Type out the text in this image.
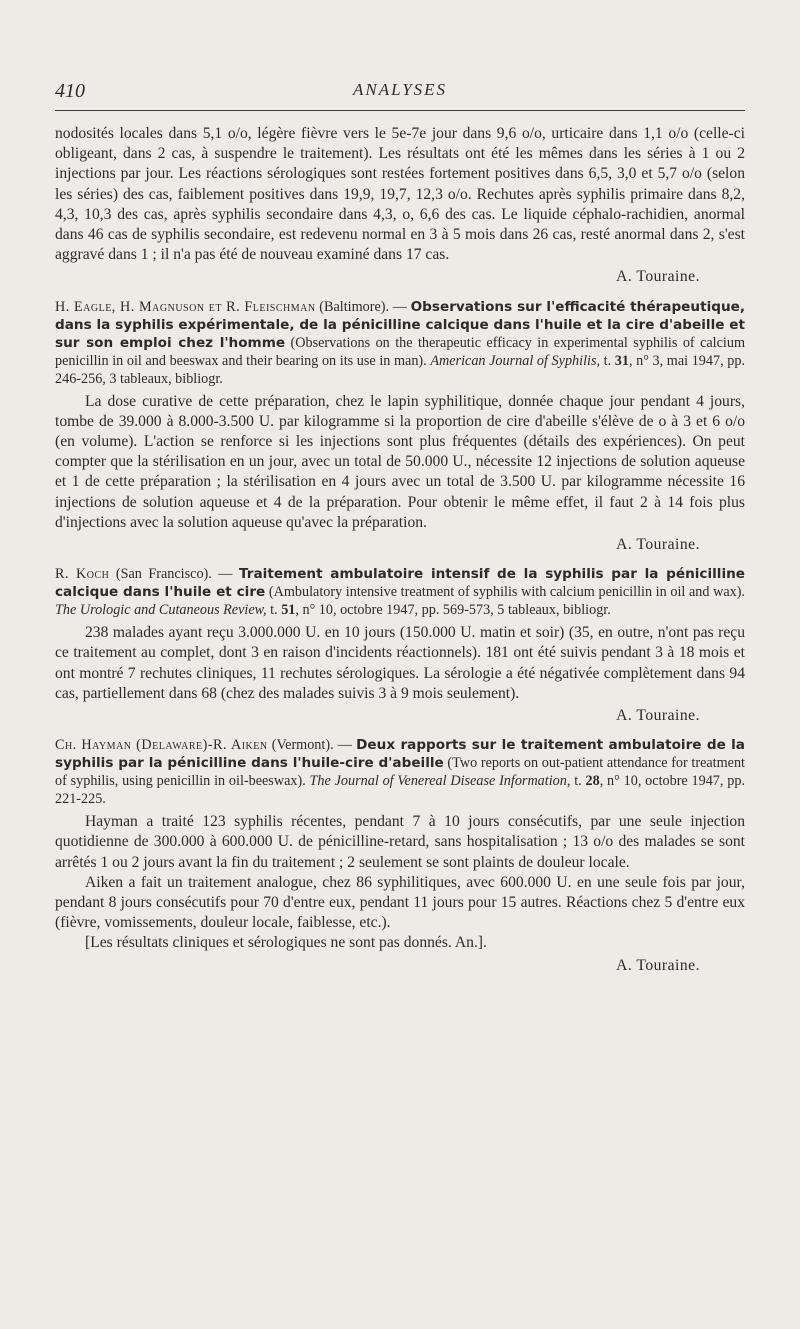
410	ANALYSES

nodosités locales dans 5,1 o/o, légère fièvre vers le 5e-7e jour dans 9,6 o/o, urticaire dans 1,1 o/o (celle-ci obligeant, dans 2 cas, à suspendre le traitement). Les résultats ont été les mêmes dans les séries à 1 ou 2 injections par jour. Les réactions sérologiques sont restées fortement positives dans 6,5, 3,0 et 5,7 o/o (selon les séries) des cas, faiblement positives dans 19,9, 19,7, 12,3 o/o. Rechutes après syphilis primaire dans 8,2, 4,3, 10,3 des cas, après syphilis secondaire dans 4,3, o, 6,6 des cas. Le liquide céphalo-rachidien, anormal dans 46 cas de syphilis secondaire, est redevenu normal en 3 à 5 mois dans 26 cas, resté anormal dans 2, s'est aggravé dans 1 ; il n'a pas été de nouveau examiné dans 17 cas.

A. Touraine.

H. Eagle, H. Magnuson et R. Fleischman (Baltimore). — Observations sur l'efficacité thérapeutique, dans la syphilis expérimentale, de la pénicilline calcique dans l'huile et la cire d'abeille et sur son emploi chez l'homme (Observations on the therapeutic efficacy in experimental syphilis of calcium penicillin in oil and beeswax and their bearing on its use in man). American Journal of Syphilis, t. 31, n° 3, mai 1947, pp. 246-256, 3 tableaux, bibliogr.

La dose curative de cette préparation, chez le lapin syphilitique, donnée chaque jour pendant 4 jours, tombe de 39.000 à 8.000-3.500 U. par kilogramme si la proportion de cire d'abeille s'élève de o à 3 et 6 o/o (en volume). L'action se renforce si les injections sont plus fréquentes (détails des expériences). On peut compter que la stérilisation en un jour, avec un total de 50.000 U., nécessite 12 injections de solution aqueuse et 1 de cette préparation ; la stérilisation en 4 jours avec un total de 3.500 U. par kilogramme nécessite 16 injections de solution aqueuse et 4 de la préparation. Pour obtenir le même effet, il faut 2 à 14 fois plus d'injections avec la solution aqueuse qu'avec la préparation.

A. Touraine.

R. Koch (San Francisco). — Traitement ambulatoire intensif de la syphilis par la pénicilline calcique dans l'huile et cire (Ambulatory intensive treatment of syphilis with calcium penicillin in oil and wax). The Urologic and Cutaneous Review, t. 51, n° 10, octobre 1947, pp. 569-573, 5 tableaux, bibliogr.

238 malades ayant reçu 3.000.000 U. en 10 jours (150.000 U. matin et soir) (35, en outre, n'ont pas reçu ce traitement au complet, dont 3 en raison d'incidents réactionnels). 181 ont été suivis pendant 3 à 18 mois et ont montré 7 rechutes cliniques, 11 rechutes sérologiques. La sérologie a été négativée complètement dans 94 cas, partiellement dans 68 (chez des malades suivis 3 à 9 mois seulement).

A. Touraine.

Ch. Hayman (Delaware)-R. Aiken (Vermont). — Deux rapports sur le traitement ambulatoire de la syphilis par la pénicilline dans l'huile-cire d'abeille (Two reports on out-patient attendance for treatment of syphilis, using penicillin in oil-beeswax). The Journal of Venereal Disease Information, t. 28, n° 10, octobre 1947, pp. 221-225.

Hayman a traité 123 syphilis récentes, pendant 7 à 10 jours consécutifs, par une seule injection quotidienne de 300.000 à 600.000 U. de pénicilline-retard, sans hospitalisation ; 13 o/o des malades se sont arrêtés 1 ou 2 jours avant la fin du traitement ; 2 seulement se sont plaints de douleur locale.

Aiken a fait un traitement analogue, chez 86 syphilitiques, avec 600.000 U. en une seule fois par jour, pendant 8 jours consécutifs pour 70 d'entre eux, pendant 11 jours pour 15 autres. Réactions chez 5 d'entre eux (fièvre, vomissements, douleur locale, faiblesse, etc.).

[Les résultats cliniques et sérologiques ne sont pas donnés. An.].

A. Touraine.
